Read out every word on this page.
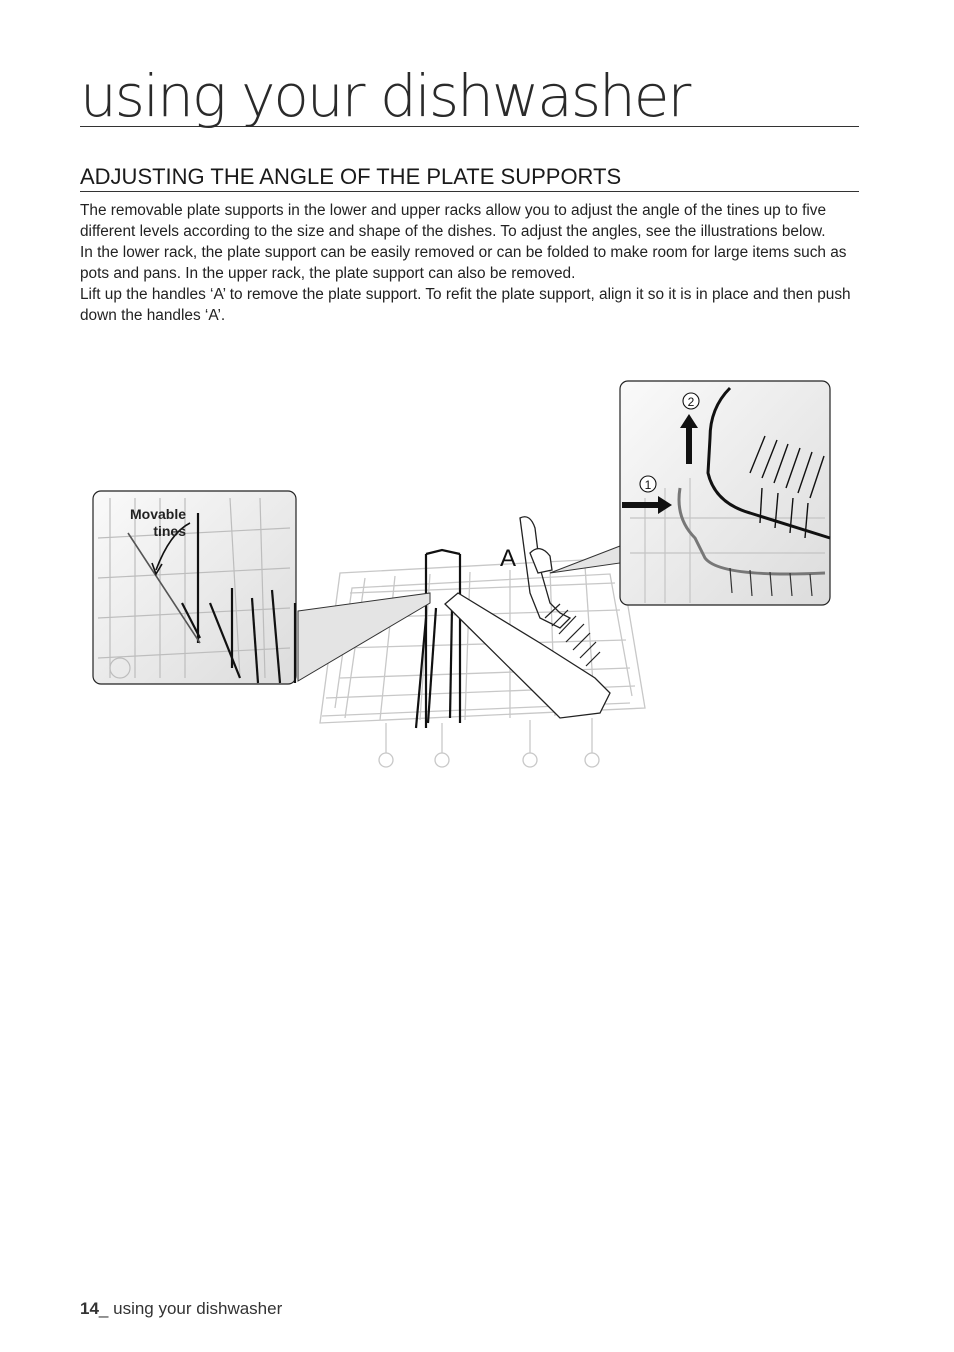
using your dishwasher
ADJUSTING THE ANGLE OF THE PLATE SUPPORTS

The removable plate supports in the lower and upper racks allow you to adjust the angle of the tines up to five different levels according to the size and shape of the dishes. To adjust the angles, see the illustrations below.

In the lower rack, the plate support can be easily removed or can be folded to make room for large items such as pots and pans. In the upper rack, the plate support can also be removed.

Lift up the handles ‘A’ to remove the plate support. To refit the plate support, align it so it is in place and then push down the handles ‘A’.

A
Movable
tines
1
2
14_ using your dishwasher
